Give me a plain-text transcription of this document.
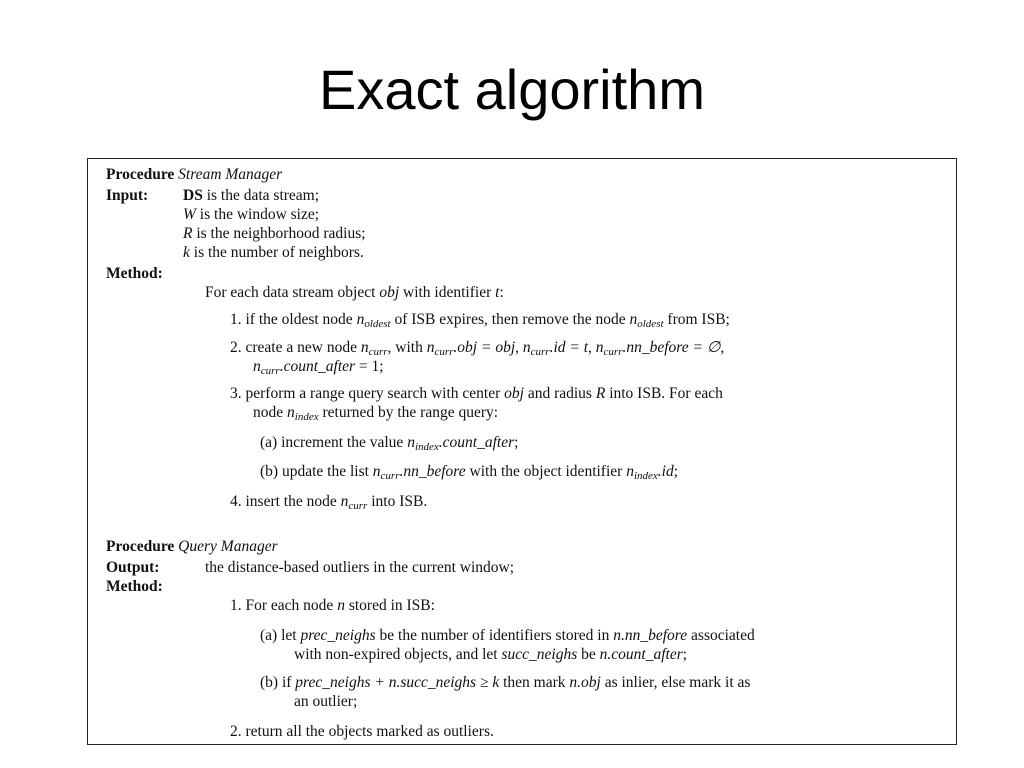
Exact algorithm
Procedure Stream Manager
Input: DS is the data stream;
W is the window size;
R is the neighborhood radius;
k is the number of neighbors.
Method:
For each data stream object obj with identifier t:
1. if the oldest node $n_{oldest}$ of ISB expires, then remove the node $n_{oldest}$ from ISB;
2. create a new node $n_{curr}$, with $n_{curr}.obj$ = obj, $n_{curr}.id = t$, $n_{curr}.nn\_before$ = ∅,
$n_{curr}.count\_after = 1$;
3. perform a range query search with center obj and radius R into ISB. For each
node $n_{index}$ returned by the range query:
(a) increment the value $n_{index}.count\_after$;
(b) update the list $n_{curr}.nn\_before$ with the object identifier $n_{index}.id$;
4. insert the node $n_{curr}$ into ISB.
Procedure Query Manager
Output:	the distance-based outliers in the current window;
Method:
1. For each node n stored in ISB:
(a) let prec_neighs be the number of identifiers stored in n.nn_before associated
with non-expired objects, and let succ_neighs be n.count_after;
(b) if prec_neighs + n.succ_neighs ≥ k then mark n.obj as inlier, else mark it as
an outlier;
2. return all the objects marked as outliers.
